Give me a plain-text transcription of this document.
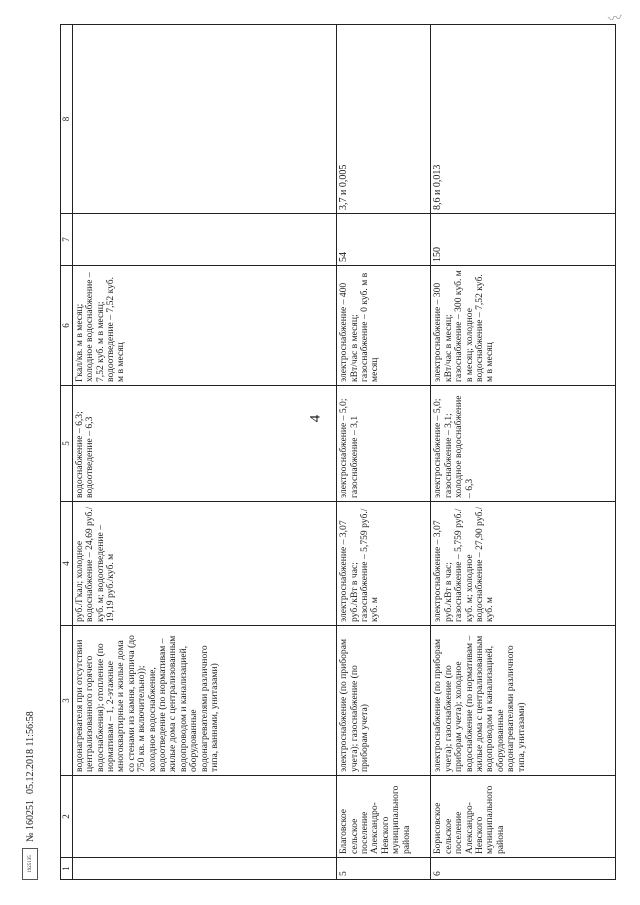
〰
4
1	2	3	4	5	6	7	8
		водонагревателя при отсутствии централизованного горячего водоснабжения); отопление (по нормативам – 1, 2-этажные многоквартирные и жилые дома со стенами из камня, кирпича (до 750 кв. м включительно)); холодное водоснабжение, водоотведение (по нормативам – жилые дома с централизованным водопроводом и канализацией, оборудованные водонагревателями различного типа, ваннами, унитазами)	руб./Гкал; холодное водоснабжение – 24,69 руб./куб. м; водоотведение – 19,19 руб./куб. м	водоснабжение – 6,3; водоотведение – 6,3	Гкал/кв. м в месяц; холодное водоснабжение – 7,52 куб. м в месяц; водоотведение – 7,52 куб. м в месяц		
5	Благовское сельское поселение Александро-Невского муниципального района	электроснабжение (по приборам учета); газоснабжение (по приборам учета)	электроснабжение – 3,07 руб./кВт в час; газоснабжение – 5,759 руб./куб. м	электроснабжение – 5,0; газоснабжение – 3,1	электроснабжение – 400 кВт/час в месяц; газоснабжение – 0 куб. м в месяц	54	3,7 и 0,005
6	Борисовское сельское поселение Александро-Невского муниципального района	электроснабжение (по приборам учета); газоснабжение (по приборам учета); холодное водоснабжение (по нормативам – жилые дома с централизованным водопроводом и канализацией, оборудованные водонагревателями различного типа, унитазами)	электроснабжение – 3,07 руб./кВт в час; газоснабжение – 5,759 руб./куб. м; холодное водоснабжение – 27,90 руб./куб. м	электроснабжение – 5,0; газоснабжение – 3,1; холодное водоснабжение – 6,3	электроснабжение – 300 кВт/час в месяц; газоснабжение – 300 куб. м в месяц; холодное водоснабжение – 7,52 куб. м в месяц	150	8,6 и 0,013
1925135
№ 160251
05.12.2018 11:56:58
